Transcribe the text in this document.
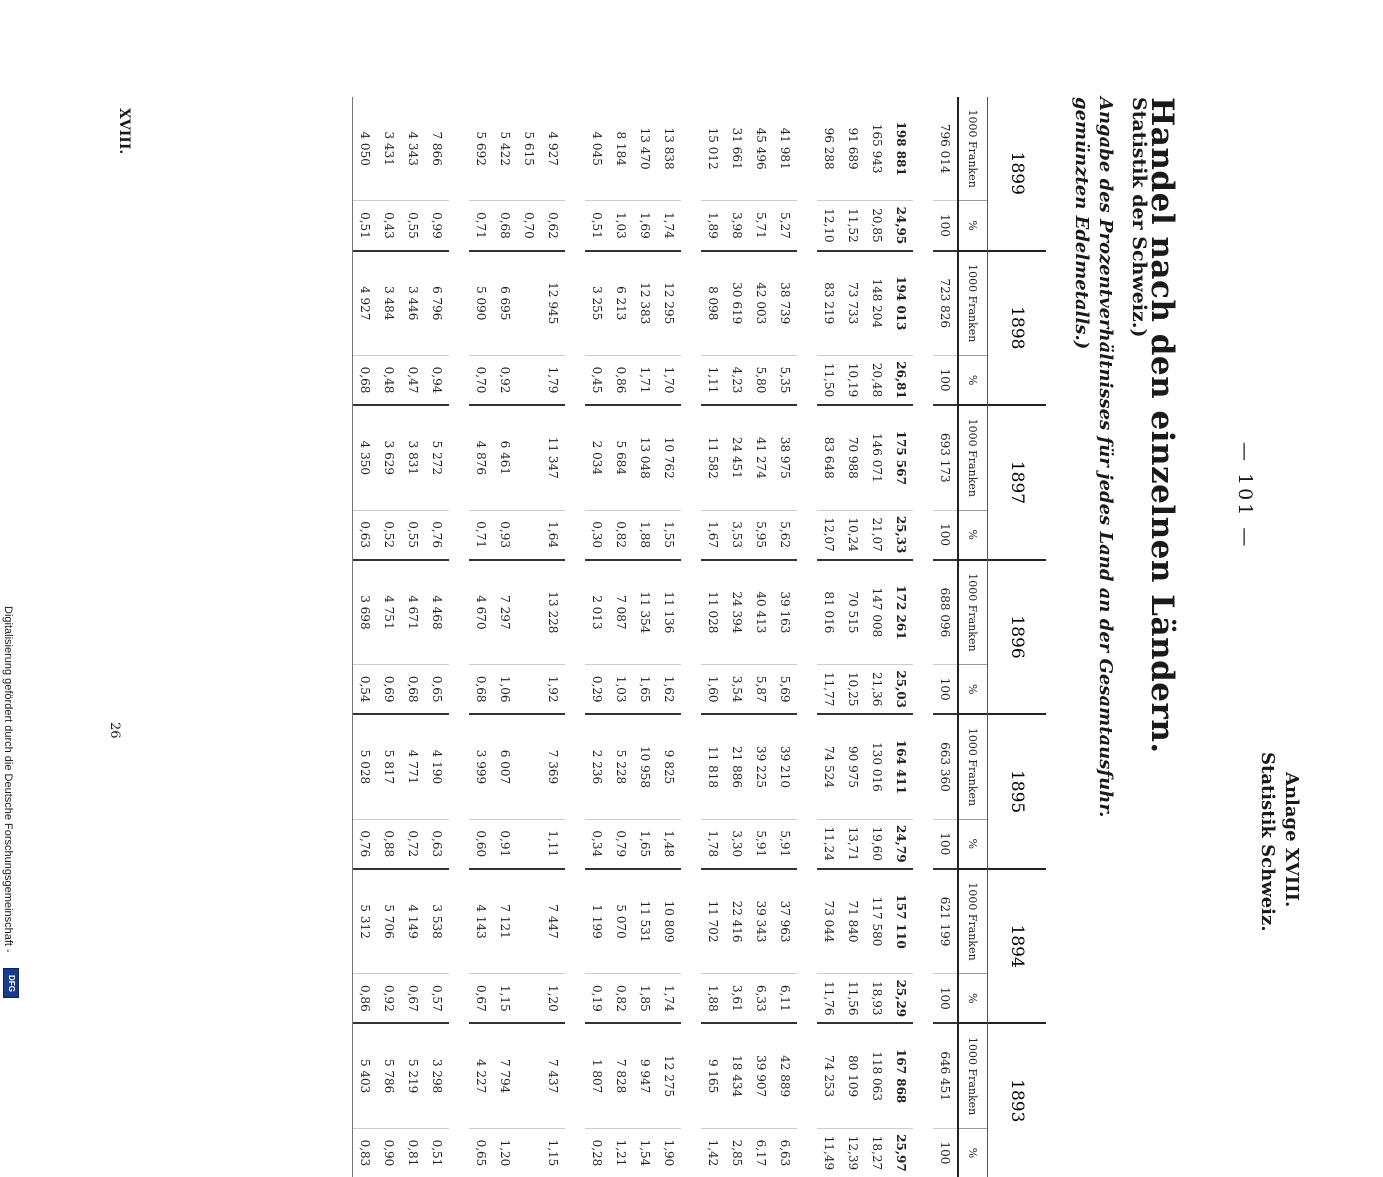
— 101 —
Anlage XVIII.
Statistik Schweiz.
Handel nach den einzelnen Ländern.
Statistik der Schweiz.)
Angabe des Prozentverhältnisses für jedes Land an der Gesamtausfuhr.
gemünzten Edelmetalls.)
1899
1898
1897
1896
1895
1894
1893
1000 Franken
%
1000 Franken
%
1000 Franken
%
1000 Franken
%
1000 Franken
%
1000 Franken
%
1000 Franken
%
796 014
100
723 826
100
693 173
100
688 096
100
663 360
100
621 199
100
646 451
100
198 881
24,95
194 013
26,81
175 567
25,33
172 261
25,03
164 411
24,79
157 110
25,29
167 868
25,97
165 943
20,85
148 204
20,48
146 071
21,07
147 008
21,36
130 016
19,60
117 580
18,93
118 063
18,27
91 689
11,52
73 733
10,19
70 988
10,24
70 515
10,25
90 975
13,71
71 840
11,56
80 109
12,39
96 288
12,10
83 219
11,50
83 648
12,07
81 016
11,77
74 524
11,24
73 044
11,76
74 253
11,49
41 981
5,27
38 739
5,35
38 975
5,62
39 163
5,69
39 210
5,91
37 963
6,11
42 889
6,63
45 496
5,71
42 003
5,80
41 274
5,95
40 413
5,87
39 225
5,91
39 343
6,33
39 907
6,17
31 661
3,98
30 619
4,23
24 451
3,53
24 394
3,54
21 886
3,30
22 416
3,61
18 434
2,85
15 012
1,89
8 098
1,11
11 582
1,67
11 028
1,60
11 818
1,78
11 702
1,88
9 165
1,42
13 838
1,74
12 295
1,70
10 762
1,55
11 136
1,62
9 825
1,48
10 809
1,74
12 275
1,90
13 470
1,69
12 383
1,71
13 048
1,88
11 354
1,65
10 958
1,65
11 531
1,85
9 947
1,54
8 184
1,03
6 213
0,86
5 684
0,82
7 087
1,03
5 228
0,79
5 070
0,82
7 828
1,21
4 045
0,51
3 255
0,45
2 034
0,30
2 013
0,29
2 236
0,34
1 199
0,19
1 807
0,28
4 927
0,62
12 945
1,79
11 347
1,64
13 228
1,92
7 369
1,11
7 447
1,20
7 437
1,15
5 615
0,70
5 422
0,68
6 695
0,92
6 461
0,93
7 297
1,06
6 007
0,91
7 121
1,15
7 794
1,20
5 692
0,71
5 090
0,70
4 876
0,71
4 670
0,68
3 999
0,60
4 143
0,67
4 227
0,65
7 866
0,99
6 796
0,94
5 272
0,76
4 468
0,65
4 190
0,63
3 538
0,57
3 298
0,51
4 343
0,55
3 446
0,47
3 831
0,55
4 671
0,68
4 771
0,72
4 149
0,67
5 219
0,81
3 431
0,43
3 484
0,48
3 629
0,52
4 751
0,69
5 817
0,88
5 706
0,92
5 786
0,90
4 050
0,51
4 927
0,68
4 350
0,63
3 698
0,54
5 028
0,76
5 312
0,86
5 403
0,83
XVIII.
26
Digitalisierung gefördert durch die Deutsche Forschungsgemeinschaft -
DFG
